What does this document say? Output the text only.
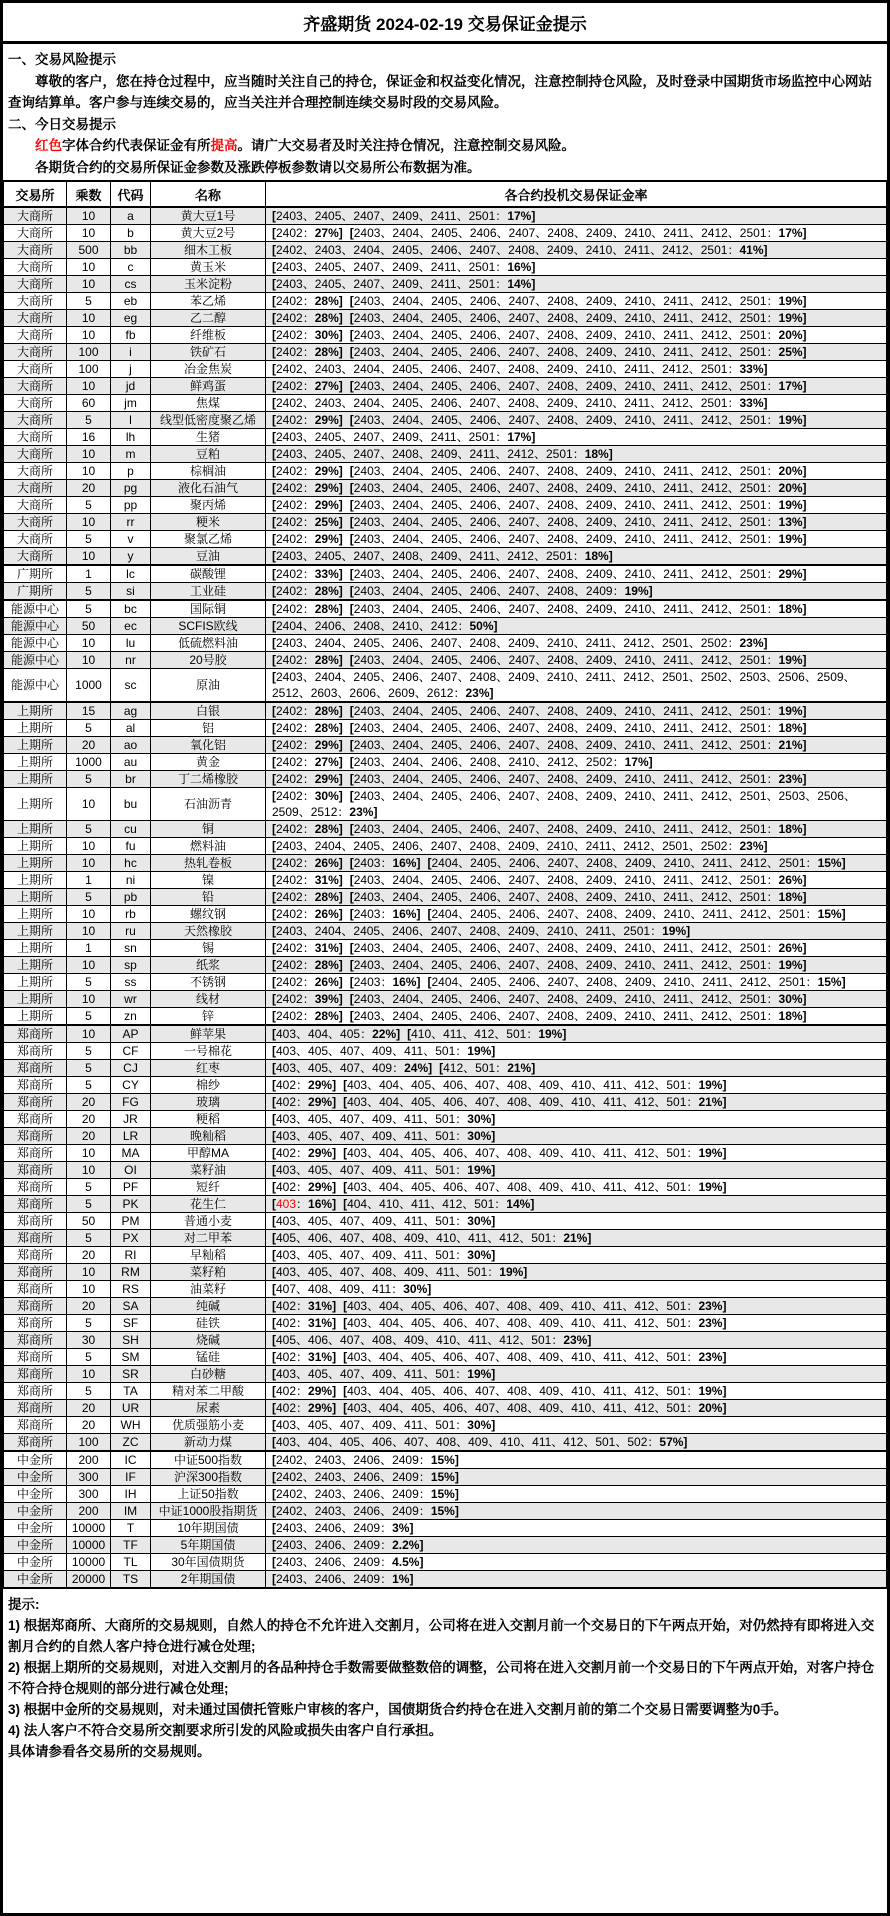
齐盛期货 2024-02-19 交易保证金提示

一、交易风险提示

尊敬的客户，您在持仓过程中，应当随时关注自己的持仓，保证金和权益变化情况，注意控制持仓风险，及时登录中国期货市场监控中心网站查询结算单。客户参与连续交易的，应当关注并合理控制连续交易时段的交易风险。

二、今日交易提示

红色字体合约代表保证金有所提高。请广大交易者及时关注持仓情况，注意控制交易风险。

各期货合约的交易所保证金参数及涨跌停板参数请以交易所公布数据为准。

交易所	乘数	代码	名称	各合约投机交易保证金率
大商所	10	a	黄大豆1号	[2403、2405、2407、2409、2411、2501：17%]
大商所	10	b	黄大豆2号	[2402：27%] [2403、2404、2405、2406、2407、2408、2409、2410、2411、2412、2501：17%]
大商所	500	bb	细木工板	[2402、2403、2404、2405、2406、2407、2408、2409、2410、2411、2412、2501：41%]
大商所	10	c	黄玉米	[2403、2405、2407、2409、2411、2501：16%]
大商所	10	cs	玉米淀粉	[2403、2405、2407、2409、2411、2501：14%]
大商所	5	eb	苯乙烯	[2402：28%] [2403、2404、2405、2406、2407、2408、2409、2410、2411、2412、2501：19%]
大商所	10	eg	乙二醇	[2402：28%] [2403、2404、2405、2406、2407、2408、2409、2410、2411、2412、2501：19%]
大商所	10	fb	纤维板	[2402：30%] [2403、2404、2405、2406、2407、2408、2409、2410、2411、2412、2501：20%]
大商所	100	i	铁矿石	[2402：28%] [2403、2404、2405、2406、2407、2408、2409、2410、2411、2412、2501：25%]
大商所	100	j	冶金焦炭	[2402、2403、2404、2405、2406、2407、2408、2409、2410、2411、2412、2501：33%]
大商所	10	jd	鲜鸡蛋	[2402：27%] [2403、2404、2405、2406、2407、2408、2409、2410、2411、2412、2501：17%]
大商所	60	jm	焦煤	[2402、2403、2404、2405、2406、2407、2408、2409、2410、2411、2412、2501：33%]
大商所	5	l	线型低密度聚乙烯	[2402：29%] [2403、2404、2405、2406、2407、2408、2409、2410、2411、2412、2501：19%]
大商所	16	lh	生猪	[2403、2405、2407、2409、2411、2501：17%]
大商所	10	m	豆粕	[2403、2405、2407、2408、2409、2411、2412、2501：18%]
大商所	10	p	棕榈油	[2402：29%] [2403、2404、2405、2406、2407、2408、2409、2410、2411、2412、2501：20%]
大商所	20	pg	液化石油气	[2402：29%] [2403、2404、2405、2406、2407、2408、2409、2410、2411、2412、2501：20%]
大商所	5	pp	聚丙烯	[2402：29%] [2403、2404、2405、2406、2407、2408、2409、2410、2411、2412、2501：19%]
大商所	10	rr	粳米	[2402：25%] [2403、2404、2405、2406、2407、2408、2409、2410、2411、2412、2501：13%]
大商所	5	v	聚氯乙烯	[2402：29%] [2403、2404、2405、2406、2407、2408、2409、2410、2411、2412、2501：19%]
大商所	10	y	豆油	[2403、2405、2407、2408、2409、2411、2412、2501：18%]
广期所	1	lc	碳酸锂	[2402：33%] [2403、2404、2405、2406、2407、2408、2409、2410、2411、2412、2501：29%]
广期所	5	si	工业硅	[2402：28%] [2403、2404、2405、2406、2407、2408、2409：19%]
能源中心	5	bc	国际铜	[2402：28%] [2403、2404、2405、2406、2407、2408、2409、2410、2411、2412、2501：18%]
能源中心	50	ec	SCFIS欧线	[2404、2406、2408、2410、2412：50%]
能源中心	10	lu	低硫燃料油	[2403、2404、2405、2406、2407、2408、2409、2410、2411、2412、2501、2502：23%]
能源中心	10	nr	20号胶	[2402：28%] [2403、2404、2405、2406、2407、2408、2409、2410、2411、2412、2501：19%]
能源中心	1000	sc	原油	[2403、2404、2405、2406、2407、2408、2409、2410、2411、2412、2501、2502、2503、2506、2509、2512、2603、2606、2609、2612：23%]
上期所	15	ag	白银	[2402：28%] [2403、2404、2405、2406、2407、2408、2409、2410、2411、2412、2501：19%]
上期所	5	al	铝	[2402：28%] [2403、2404、2405、2406、2407、2408、2409、2410、2411、2412、2501：18%]
上期所	20	ao	氧化铝	[2402：29%] [2403、2404、2405、2406、2407、2408、2409、2410、2411、2412、2501：21%]
上期所	1000	au	黄金	[2402：27%] [2403、2404、2406、2408、2410、2412、2502：17%]
上期所	5	br	丁二烯橡胶	[2402：29%] [2403、2404、2405、2406、2407、2408、2409、2410、2411、2412、2501：23%]
上期所	10	bu	石油沥青	[2402：30%] [2403、2404、2405、2406、2407、2408、2409、2410、2411、2412、2501、2503、2506、2509、2512：23%]
上期所	5	cu	铜	[2402：28%] [2403、2404、2405、2406、2407、2408、2409、2410、2411、2412、2501：18%]
上期所	10	fu	燃料油	[2403、2404、2405、2406、2407、2408、2409、2410、2411、2412、2501、2502：23%]
上期所	10	hc	热轧卷板	[2402：26%] [2403：16%] [2404、2405、2406、2407、2408、2409、2410、2411、2412、2501：15%]
上期所	1	ni	镍	[2402：31%] [2403、2404、2405、2406、2407、2408、2409、2410、2411、2412、2501：26%]
上期所	5	pb	铅	[2402：28%] [2403、2404、2405、2406、2407、2408、2409、2410、2411、2412、2501：18%]
上期所	10	rb	螺纹钢	[2402：26%] [2403：16%] [2404、2405、2406、2407、2408、2409、2410、2411、2412、2501：15%]
上期所	10	ru	天然橡胶	[2403、2404、2405、2406、2407、2408、2409、2410、2411、2501：19%]
上期所	1	sn	锡	[2402：31%] [2403、2404、2405、2406、2407、2408、2409、2410、2411、2412、2501：26%]
上期所	10	sp	纸浆	[2402：28%] [2403、2404、2405、2406、2407、2408、2409、2410、2411、2412、2501：19%]
上期所	5	ss	不锈钢	[2402：26%] [2403：16%] [2404、2405、2406、2407、2408、2409、2410、2411、2412、2501：15%]
上期所	10	wr	线材	[2402：39%] [2403、2404、2405、2406、2407、2408、2409、2410、2411、2412、2501：30%]
上期所	5	zn	锌	[2402：28%] [2403、2404、2405、2406、2407、2408、2409、2410、2411、2412、2501：18%]
郑商所	10	AP	鲜苹果	[403、404、405：22%] [410、411、412、501：19%]
郑商所	5	CF	一号棉花	[403、405、407、409、411、501：19%]
郑商所	5	CJ	红枣	[403、405、407、409：24%] [412、501：21%]
郑商所	5	CY	棉纱	[402：29%] [403、404、405、406、407、408、409、410、411、412、501：19%]
郑商所	20	FG	玻璃	[402：29%] [403、404、405、406、407、408、409、410、411、412、501：21%]
郑商所	20	JR	粳稻	[403、405、407、409、411、501：30%]
郑商所	20	LR	晚籼稻	[403、405、407、409、411、501：30%]
郑商所	10	MA	甲醇MA	[402：29%] [403、404、405、406、407、408、409、410、411、412、501：19%]
郑商所	10	OI	菜籽油	[403、405、407、409、411、501：19%]
郑商所	5	PF	短纤	[402：29%] [403、404、405、406、407、408、409、410、411、412、501：19%]
郑商所	5	PK	花生仁	[403：16%] [404、410、411、412、501：14%]
郑商所	50	PM	普通小麦	[403、405、407、409、411、501：30%]
郑商所	5	PX	对二甲苯	[405、406、407、408、409、410、411、412、501：21%]
郑商所	20	RI	早籼稻	[403、405、407、409、411、501：30%]
郑商所	10	RM	菜籽粕	[403、405、407、408、409、411、501：19%]
郑商所	10	RS	油菜籽	[407、408、409、411：30%]
郑商所	20	SA	纯碱	[402：31%] [403、404、405、406、407、408、409、410、411、412、501：23%]
郑商所	5	SF	硅铁	[402：31%] [403、404、405、406、407、408、409、410、411、412、501：23%]
郑商所	30	SH	烧碱	[405、406、407、408、409、410、411、412、501：23%]
郑商所	5	SM	锰硅	[402：31%] [403、404、405、406、407、408、409、410、411、412、501：23%]
郑商所	10	SR	白砂糖	[403、405、407、409、411、501：19%]
郑商所	5	TA	精对苯二甲酸	[402：29%] [403、404、405、406、407、408、409、410、411、412、501：19%]
郑商所	20	UR	尿素	[402：29%] [403、404、405、406、407、408、409、410、411、412、501：20%]
郑商所	20	WH	优质强筋小麦	[403、405、407、409、411、501：30%]
郑商所	100	ZC	新动力煤	[403、404、405、406、407、408、409、410、411、412、501、502：57%]
中金所	200	IC	中证500指数	[2402、2403、2406、2409：15%]
中金所	300	IF	沪深300指数	[2402、2403、2406、2409：15%]
中金所	300	IH	上证50指数	[2402、2403、2406、2409：15%]
中金所	200	IM	中证1000股指期货	[2402、2403、2406、2409：15%]
中金所	10000	T	10年期国债	[2403、2406、2409：3%]
中金所	10000	TF	5年期国债	[2403、2406、2409：2.2%]
中金所	10000	TL	30年国债期货	[2403、2406、2409：4.5%]
中金所	20000	TS	2年期国债	[2403、2406、2409：1%]

提示:

1) 根据郑商所、大商所的交易规则，自然人的持仓不允许进入交割月，公司将在进入交割月前一个交易日的下午两点开始，对仍然持有即将进入交割月合约的自然人客户持仓进行减仓处理;

2) 根据上期所的交易规则，对进入交割月的各品种持仓手数需要做整数倍的调整，公司将在进入交割月前一个交易日的下午两点开始，对客户持仓不符合持仓规则的部分进行减仓处理;

3) 根据中金所的交易规则，对未通过国债托管账户审核的客户，国债期货合约持仓在进入交割月前的第二个交易日需要调整为0手。

4) 法人客户不符合交易所交割要求所引发的风险或损失由客户自行承担。

具体请参看各交易所的交易规则。
